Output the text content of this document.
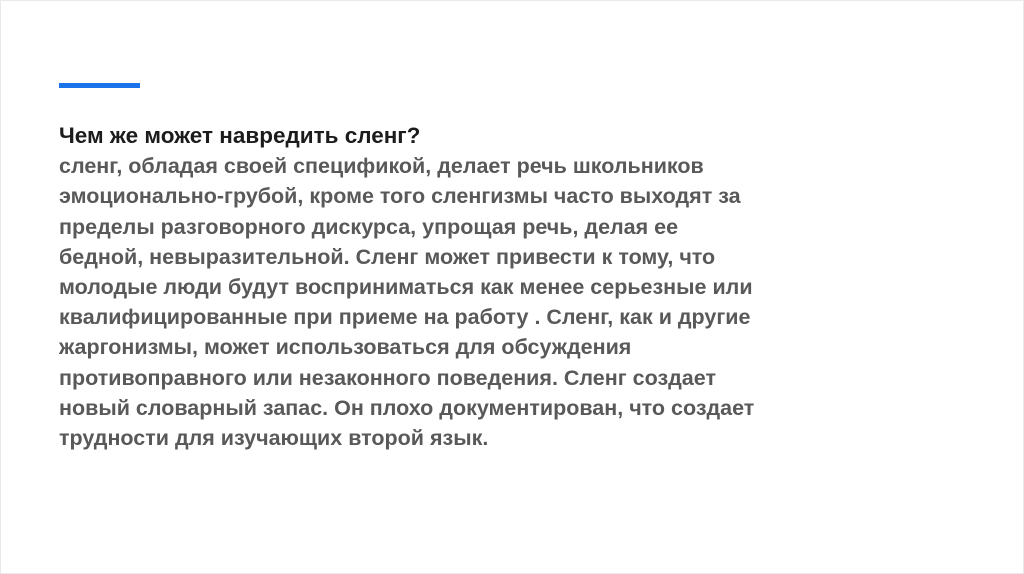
Чем же может навредить сленг?

сленг, обладая своей спецификой, делает речь школьников

эмоционально-грубой, кроме того сленгизмы часто выходят за

пределы разговорного дискурса, упрощая речь, делая ее

бедной, невыразительной. Сленг может привести к тому, что

молодые люди будут восприниматься как менее серьезные или

квалифицированные при приеме на работу . Сленг, как и другие

жаргонизмы, может использоваться для обсуждения

противоправного или незаконного поведения. Сленг создает

новый словарный запас. Он плохо документирован, что создает

трудности для изучающих второй язык.
